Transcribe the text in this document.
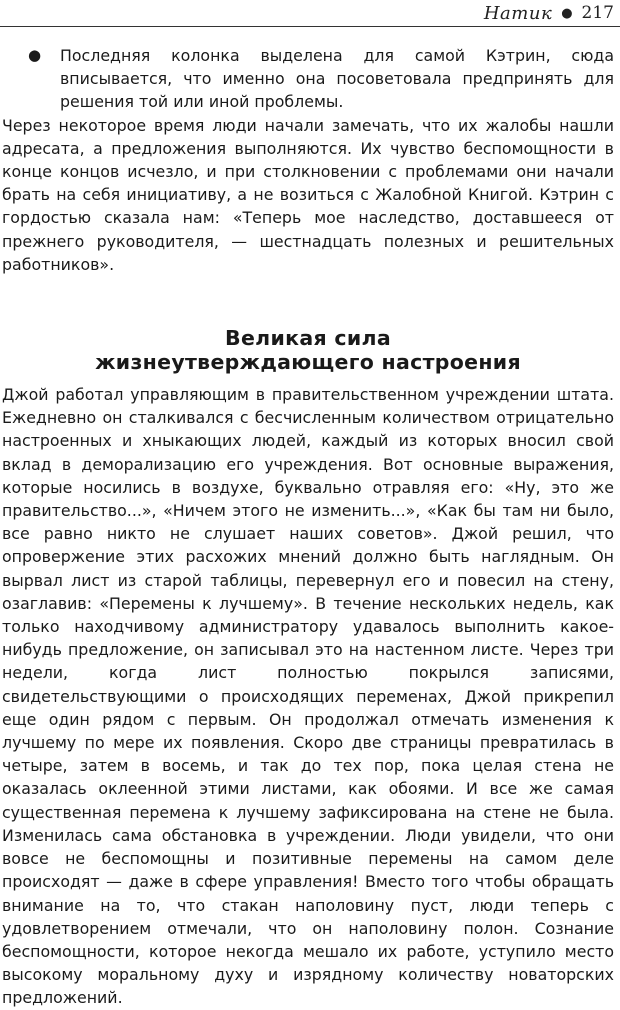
Натик ● 217

● Последняя колонка выделена для самой Кэтрин, сюда вписывается, что именно она посоветовала предпринять для решения той или иной проблемы.

Через некоторое время люди начали замечать, что их жалобы нашли адресата, а предложения выполняются. Их чувство беспомощности в конце концов исчезло, и при столкновении с проблемами они начали брать на себя инициативу, а не возиться с Жалобной Книгой. Кэтрин с гордостью сказала нам: «Теперь мое наследство, доставшееся от прежнего руководителя, — шестнадцать полезных и решительных работников».

Великая сила
жизнеутверждающего настроения

Джой работал управляющим в правительственном учреждении штата. Ежедневно он сталкивался с бесчисленным количеством отрицательно настроенных и хныкающих людей, каждый из которых вносил свой вклад в деморализацию его учреждения. Вот основные выражения, которые носились в воздухе, буквально отравляя его: «Ну, это же правительство...», «Ничем этого не изменить...», «Как бы там ни было, все равно никто не слушает наших советов». Джой решил, что опровержение этих расхожих мнений должно быть наглядным. Он вырвал лист из старой таблицы, перевернул его и повесил на стену, озаглавив: «Перемены к лучшему». В течение нескольких недель, как только находчивому администратору удавалось выполнить какое-нибудь предложение, он записывал это на настенном листе. Через три недели, когда лист полностью покрылся записями, свидетельствующими о происходящих переменах, Джой прикрепил еще один рядом с первым. Он продолжал отмечать изменения к лучшему по мере их появления. Скоро две страницы превратилась в четыре, затем в восемь, и так до тех пор, пока целая стена не оказалась оклеенной этими листами, как обоями. И все же самая существенная перемена к лучшему зафиксирована на стене не была. Изменилась сама обстановка в учреждении. Люди увидели, что они вовсе не беспомощны и позитивные перемены на самом деле происходят — даже в сфере управления! Вместо того чтобы обращать внимание на то, что стакан наполовину пуст, люди теперь с удовлетворением отмечали, что он наполовину полон. Сознание беспомощности, которое некогда мешало их работе, уступило место высокому моральному духу и изрядному количеству новаторских предложений.
